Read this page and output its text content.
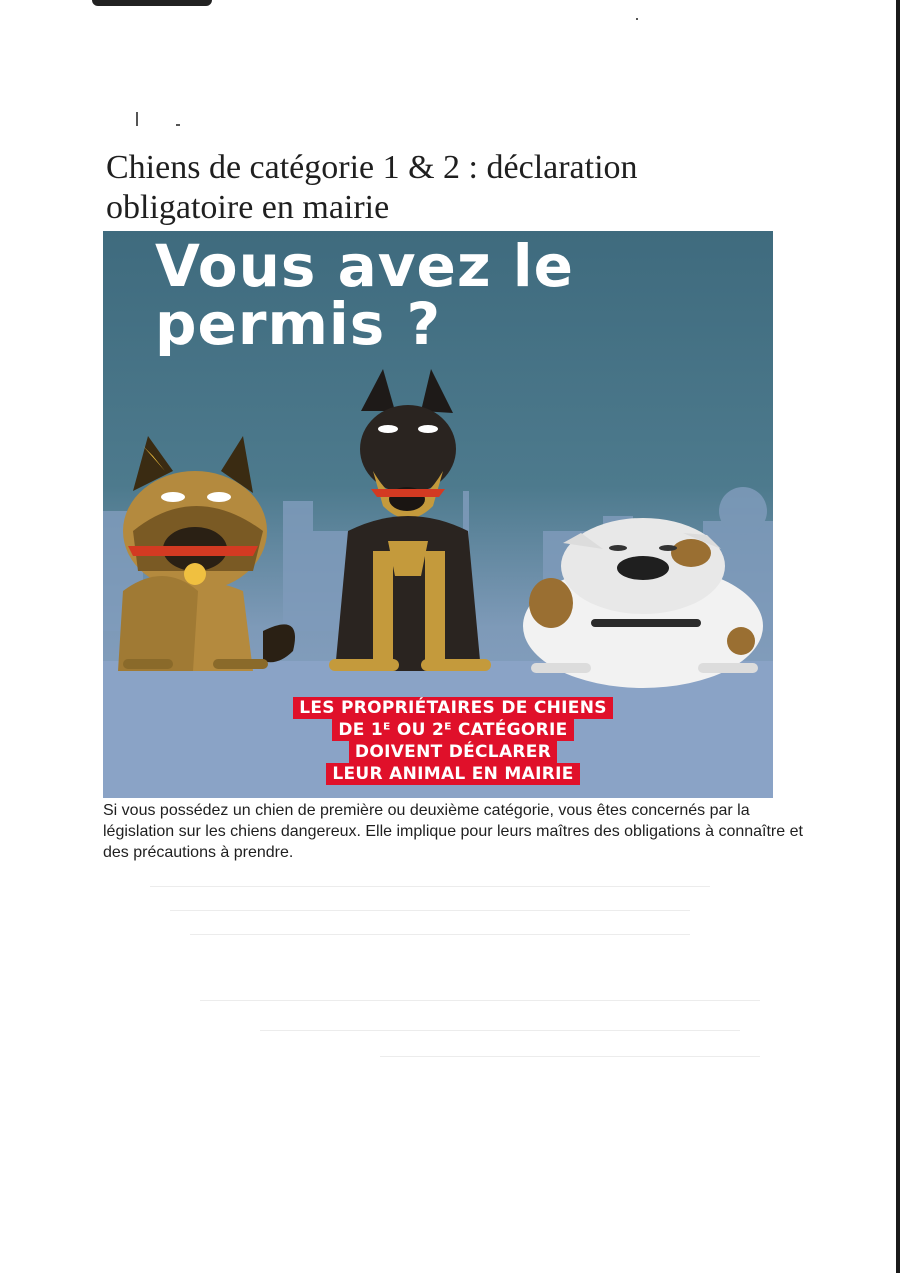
Chiens de catégorie 1 & 2 : déclaration obligatoire en mairie

Vous avez le
permis ?

LES PROPRIÉTAIRES DE CHIENS
DE 1ᴱ OU 2ᴱ CATÉGORIE
DOIVENT DÉCLARER
LEUR ANIMAL EN MAIRIE

Si vous possédez un chien de première ou deuxième catégorie, vous êtes concernés par la législation sur les chiens dangereux. Elle implique pour leurs maîtres des obligations à connaître et des précautions à prendre.
